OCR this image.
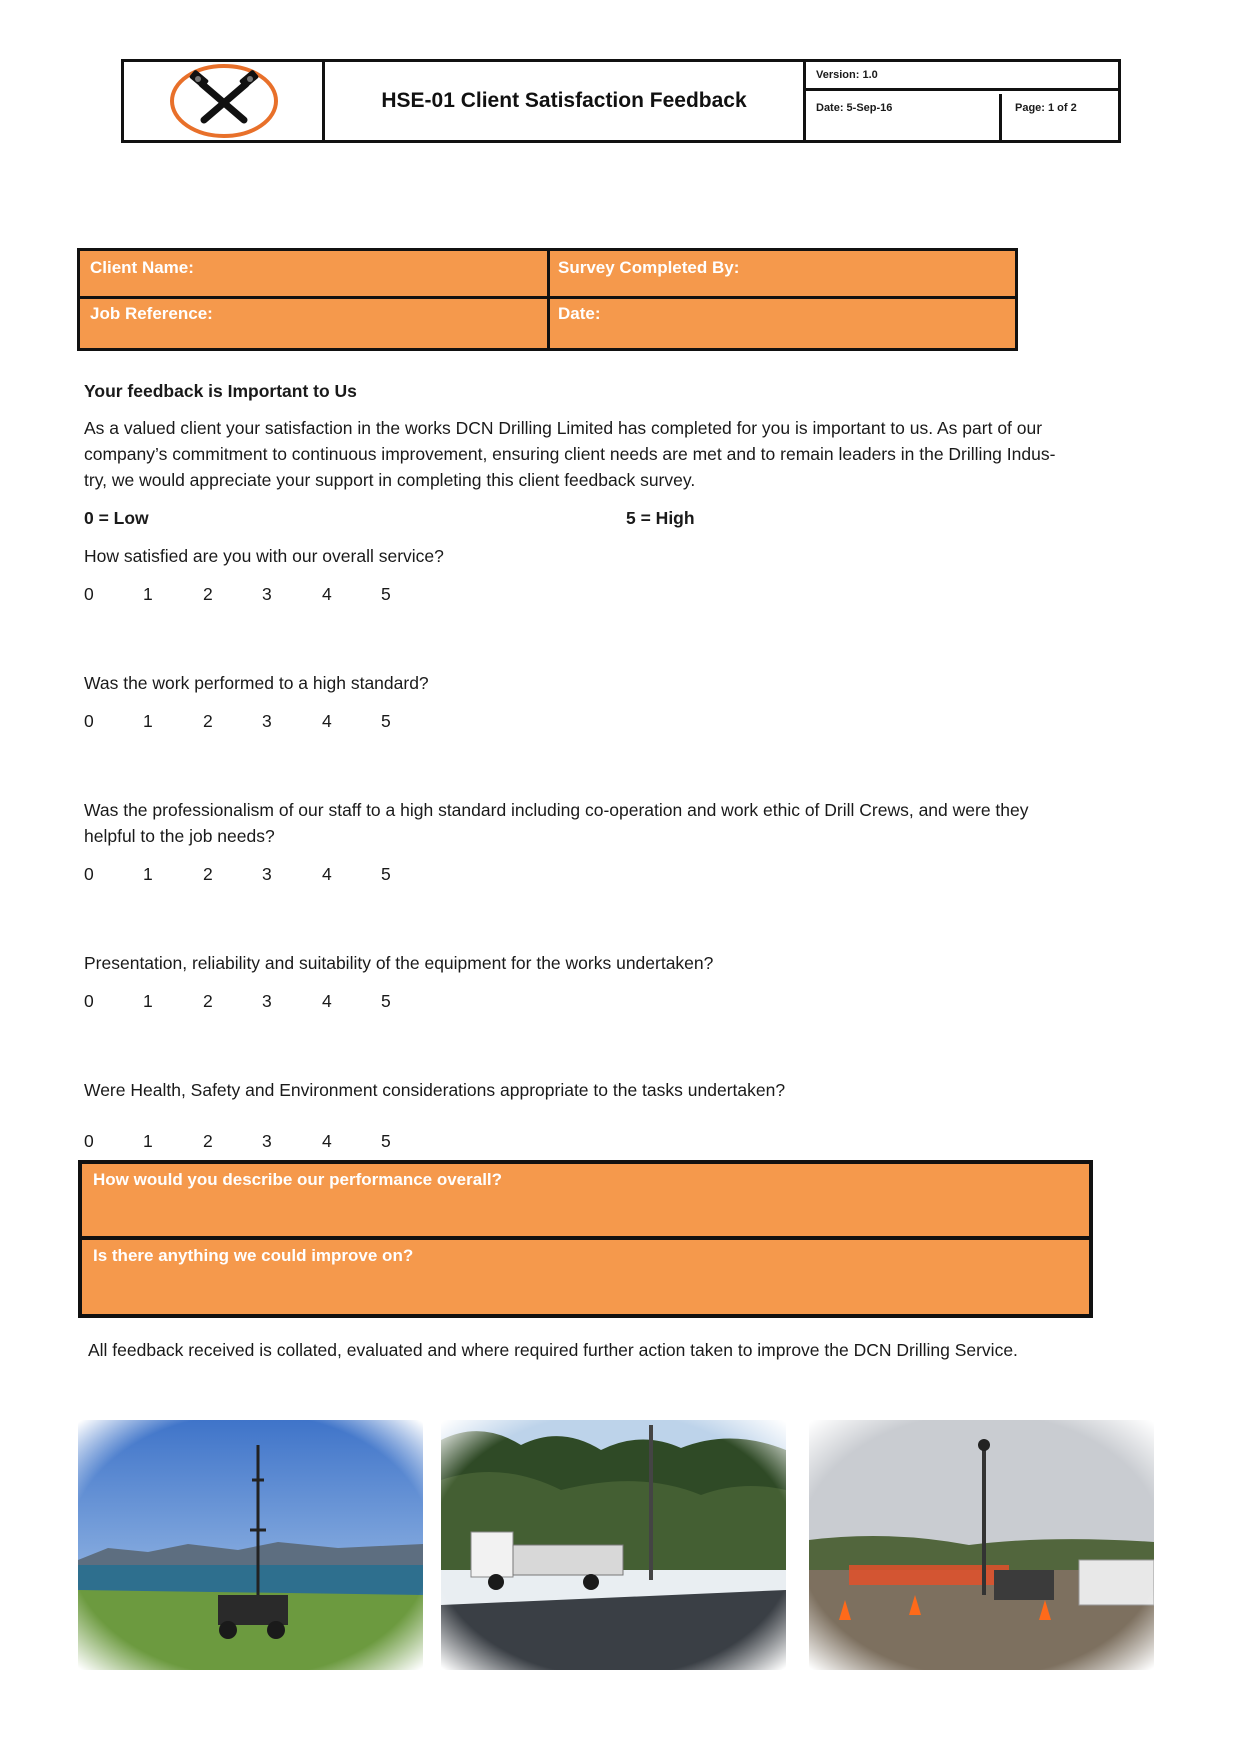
HSE-01 Client Satisfaction Feedback
Version: 1.0
Date: 5-Sep-16	Page: 1 of 2
Client Name:	Survey Completed By:
Job Reference:	Date:
Your feedback is Important to Us
As a valued client your satisfaction in the works DCN Drilling Limited has completed for you is important to us. As part of our
company’s commitment to continuous improvement, ensuring client needs are met and to remain leaders in the Drilling Indus-
try, we would appreciate your support in completing this client feedback survey.
0 = Low	5 = High
How satisfied are you with our overall service?
0	1	2	3	4	5
Was the work performed to a high standard?
0	1	2	3	4	5
Was the professionalism of our staff to a high standard including co-operation and work ethic of Drill Crews, and were they
helpful to the job needs?
0	1	2	3	4	5
Presentation, reliability and suitability of the equipment for the works undertaken?
0	1	2	3	4	5
Were Health, Safety and Environment considerations appropriate to the tasks undertaken?
0	1	2	3	4	5
How would you describe our performance overall?
Is there anything we could improve on?
All feedback received is collated, evaluated and where required further action taken to improve the DCN Drilling Service.
